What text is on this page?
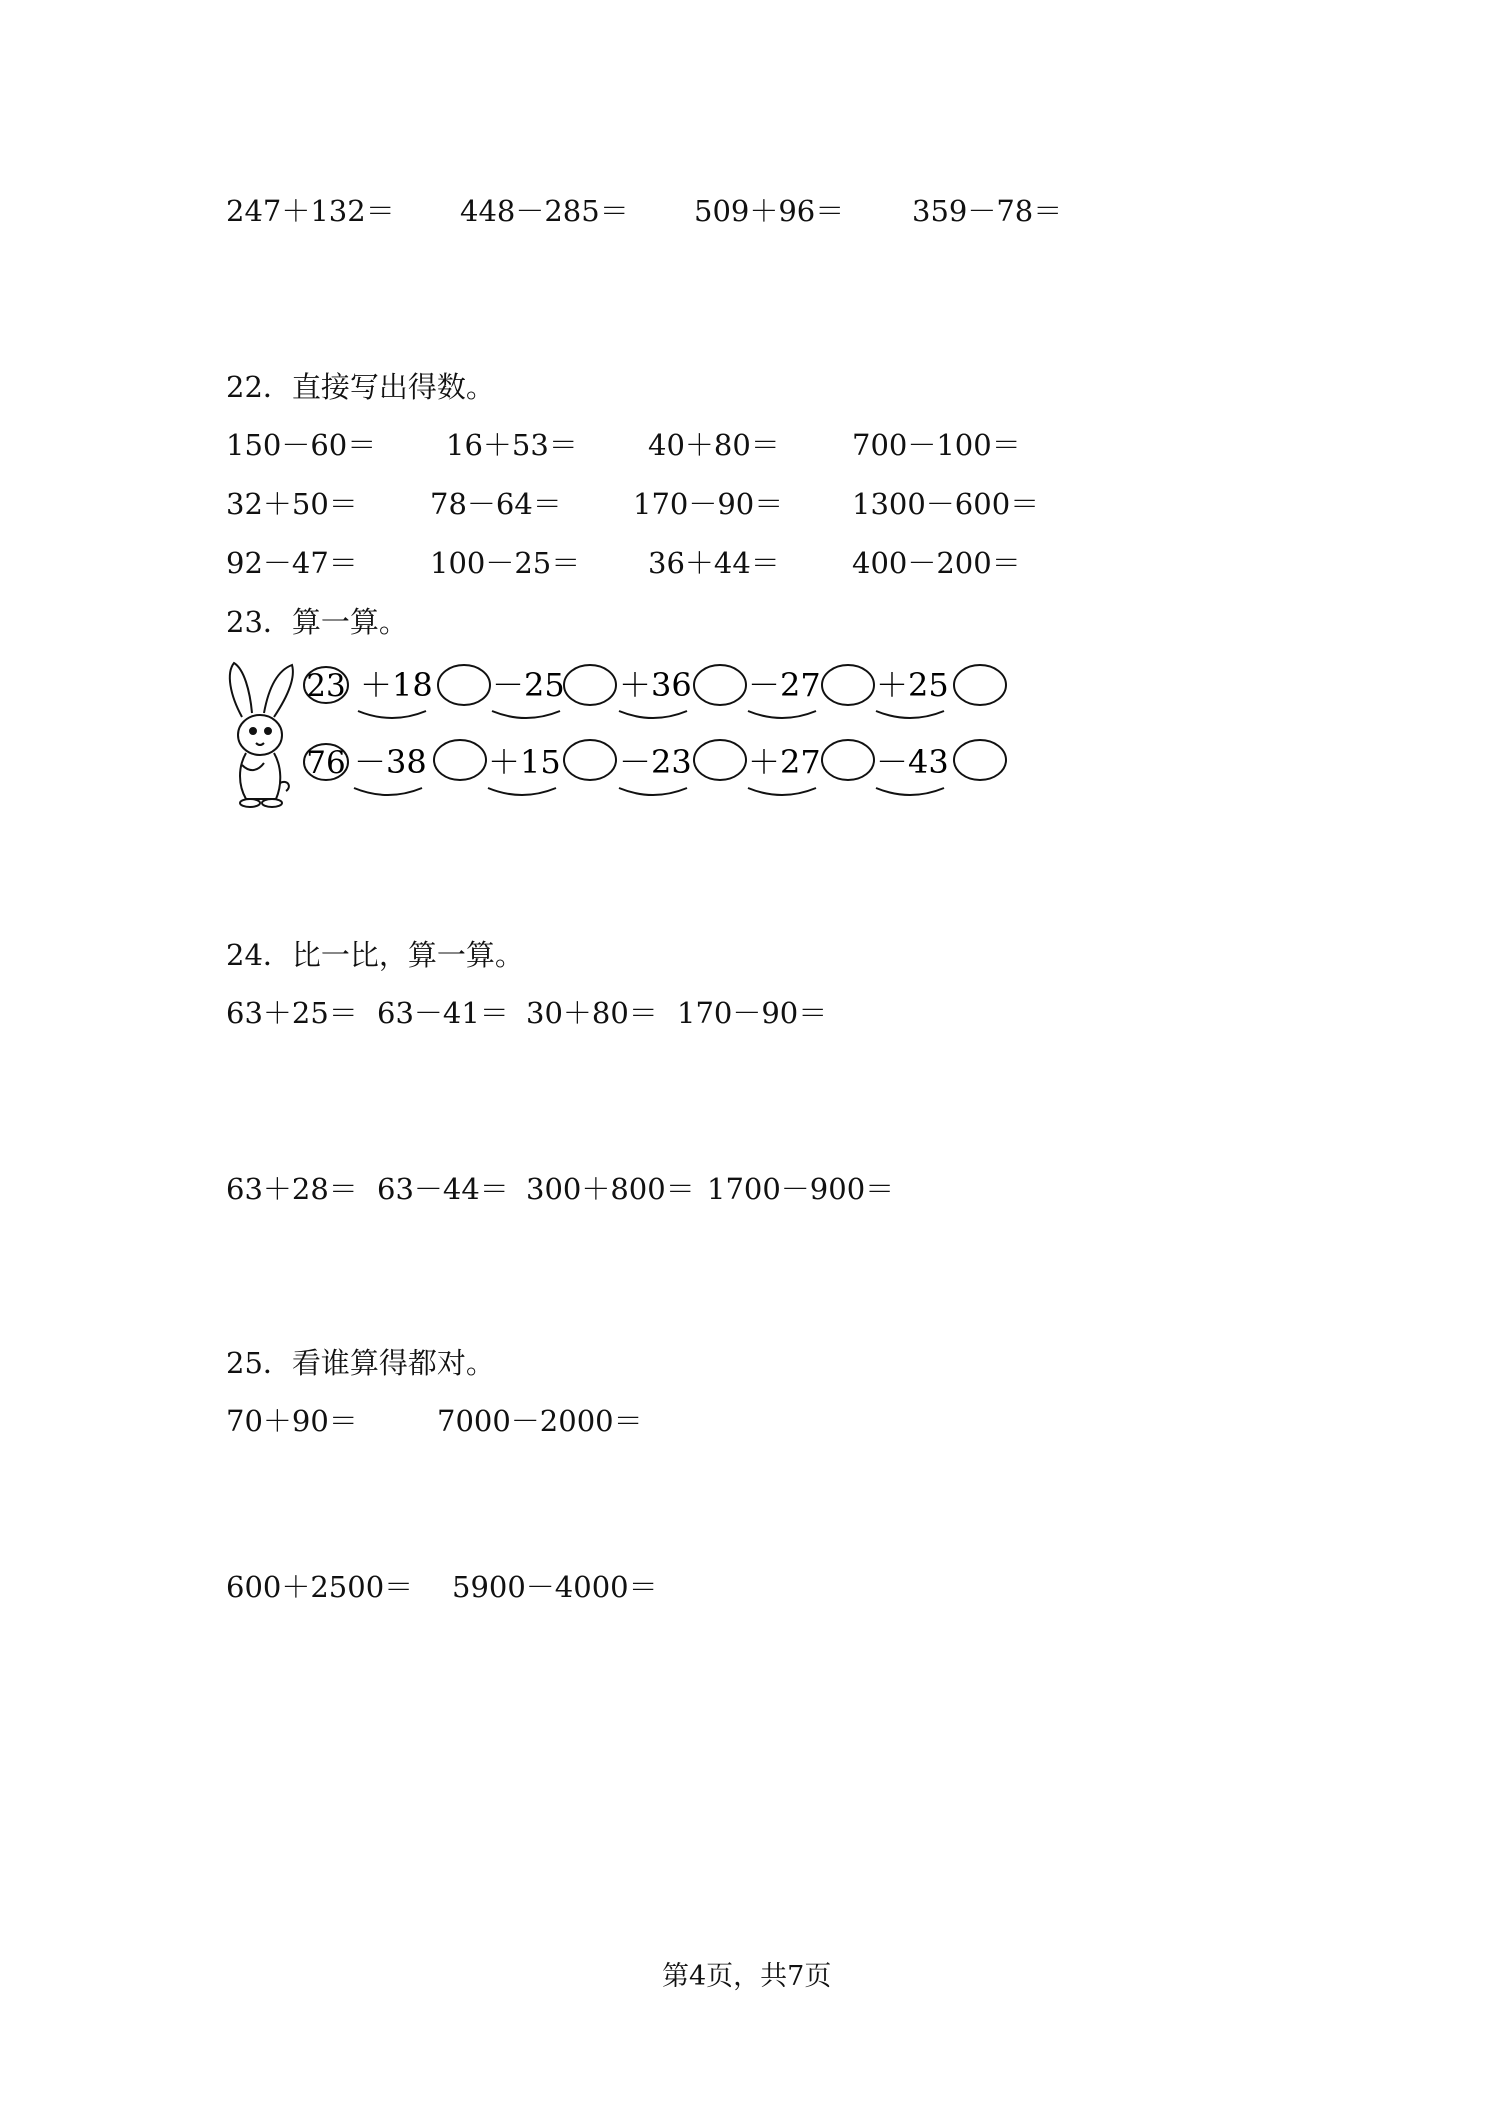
247＋132＝ 448－285＝ 509＋96＝ 359－78＝
22．直接写出得数。
150－60＝ 16＋53＝ 40＋80＝ 700－100＝
32＋50＝ 78－64＝ 170－90＝ 1300－600＝
92－47＝ 100－25＝ 36＋44＝ 400－200＝
23．算一算。
23 ＋18 －25 ＋36 －27 ＋25
76 －38 ＋15 －23 ＋27 －43
24．比一比，算一算。
63＋25＝ 63－41＝ 30＋80＝ 170－90＝
63＋28＝ 63－44＝ 300＋800＝ 1700－900＝
25．看谁算得都对。
70＋90＝	7000－2000＝
600＋2500＝ 5900－4000＝
第4页，共7页
